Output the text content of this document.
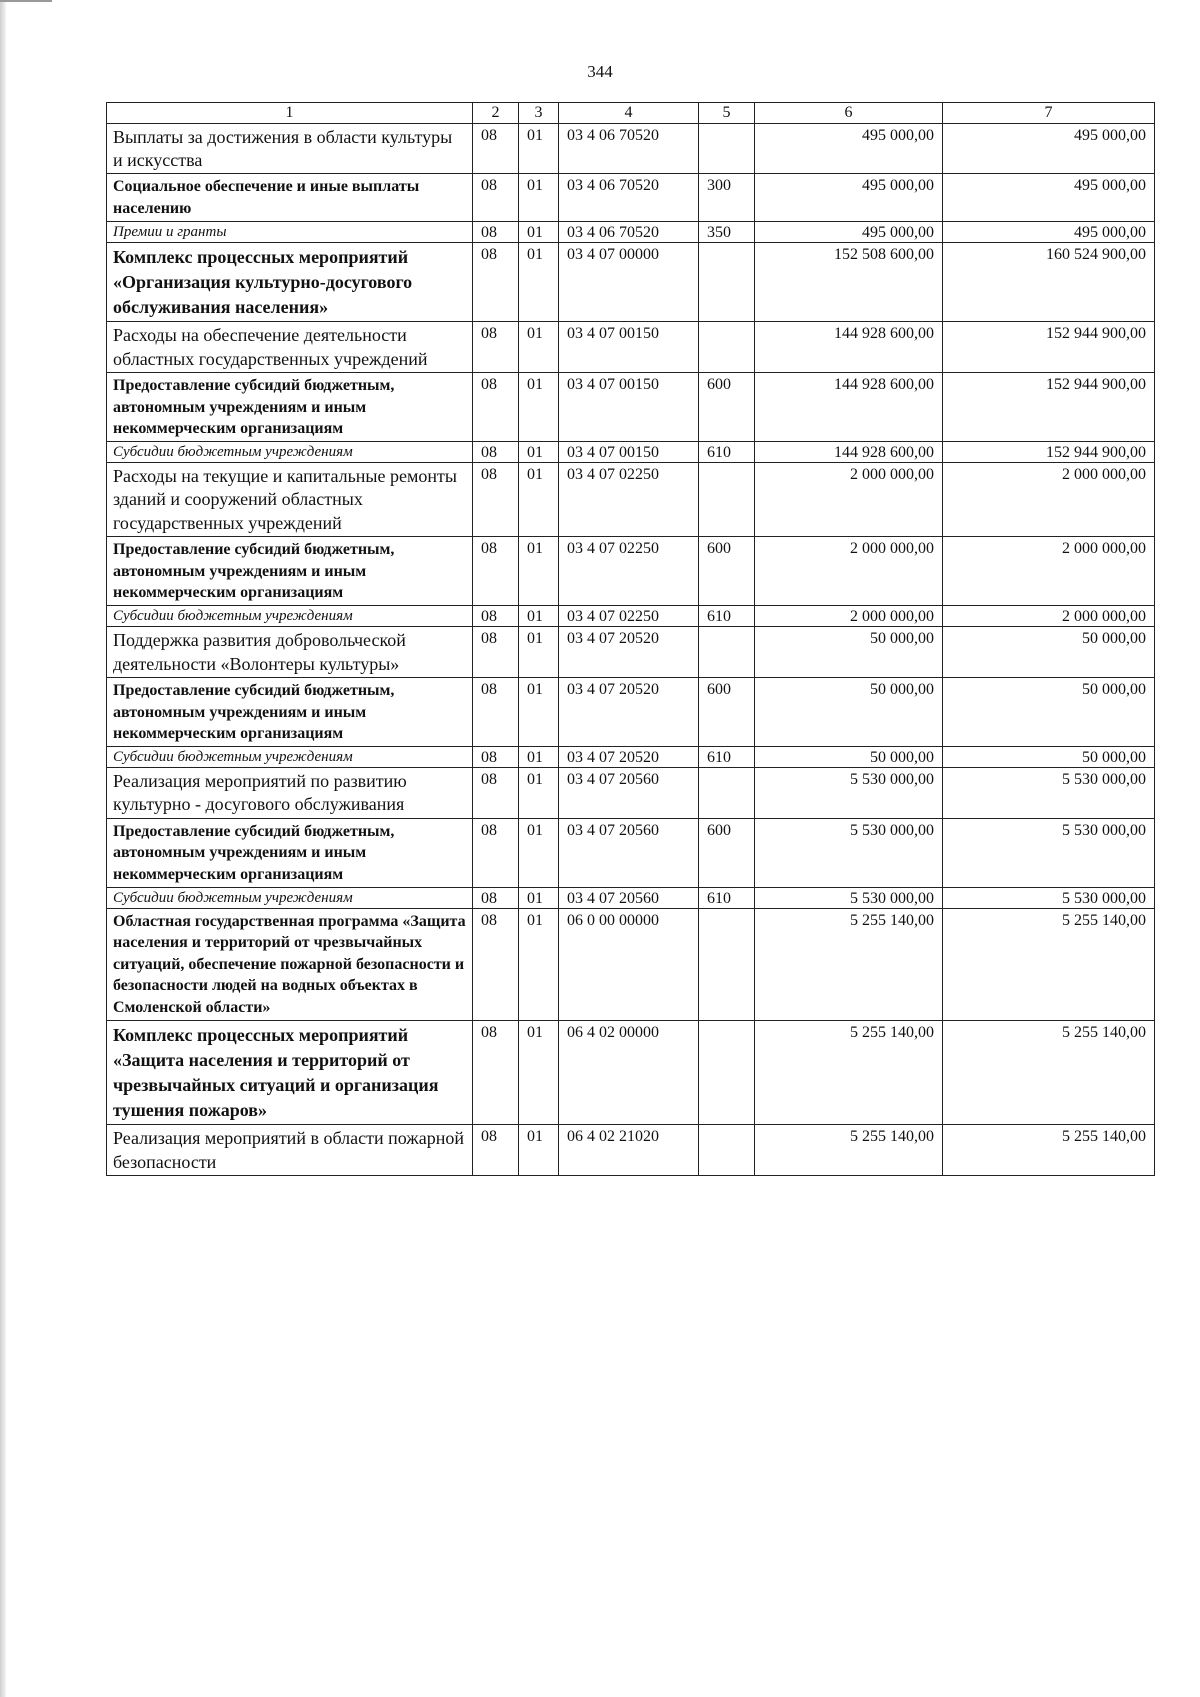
344
1	2	3	4	5	6	7
Выплаты за достижения в области культуры и искусства	08	01	03 4 06 70520		495 000,00	495 000,00
Социальное обеспечение и иные выплаты населению	08	01	03 4 06 70520	300	495 000,00	495 000,00
Премии и гранты	08	01	03 4 06 70520	350	495 000,00	495 000,00
Комплекс процессных мероприятий «Организация культурно-досугового обслуживания населения»	08	01	03 4 07 00000		152 508 600,00	160 524 900,00
Расходы на обеспечение деятельности областных государственных учреждений	08	01	03 4 07 00150		144 928 600,00	152 944 900,00
Предоставление субсидий бюджетным, автономным учреждениям и иным некоммерческим организациям	08	01	03 4 07 00150	600	144 928 600,00	152 944 900,00
Субсидии бюджетным учреждениям	08	01	03 4 07 00150	610	144 928 600,00	152 944 900,00
Расходы на текущие и капитальные ремонты зданий и сооружений областных государственных учреждений	08	01	03 4 07 02250		2 000 000,00	2 000 000,00
Предоставление субсидий бюджетным, автономным учреждениям и иным некоммерческим организациям	08	01	03 4 07 02250	600	2 000 000,00	2 000 000,00
Субсидии бюджетным учреждениям	08	01	03 4 07 02250	610	2 000 000,00	2 000 000,00
Поддержка развития добровольческой деятельности «Волонтеры культуры»	08	01	03 4 07 20520		50 000,00	50 000,00
Предоставление субсидий бюджетным, автономным учреждениям и иным некоммерческим организациям	08	01	03 4 07 20520	600	50 000,00	50 000,00
Субсидии бюджетным учреждениям	08	01	03 4 07 20520	610	50 000,00	50 000,00
Реализация мероприятий по развитию культурно - досугового обслуживания	08	01	03 4 07 20560		5 530 000,00	5 530 000,00
Предоставление субсидий бюджетным, автономным учреждениям и иным некоммерческим организациям	08	01	03 4 07 20560	600	5 530 000,00	5 530 000,00
Субсидии бюджетным учреждениям	08	01	03 4 07 20560	610	5 530 000,00	5 530 000,00
Областная государственная программа «Защита населения и территорий от чрезвычайных ситуаций, обеспечение пожарной безопасности и безопасности людей на водных объектах в Смоленской области»	08	01	06 0 00 00000		5 255 140,00	5 255 140,00
Комплекс процессных мероприятий «Защита населения и территорий от чрезвычайных ситуаций и организация тушения пожаров»	08	01	06 4 02 00000		5 255 140,00	5 255 140,00
Реализация мероприятий в области пожарной безопасности	08	01	06 4 02 21020		5 255 140,00	5 255 140,00
